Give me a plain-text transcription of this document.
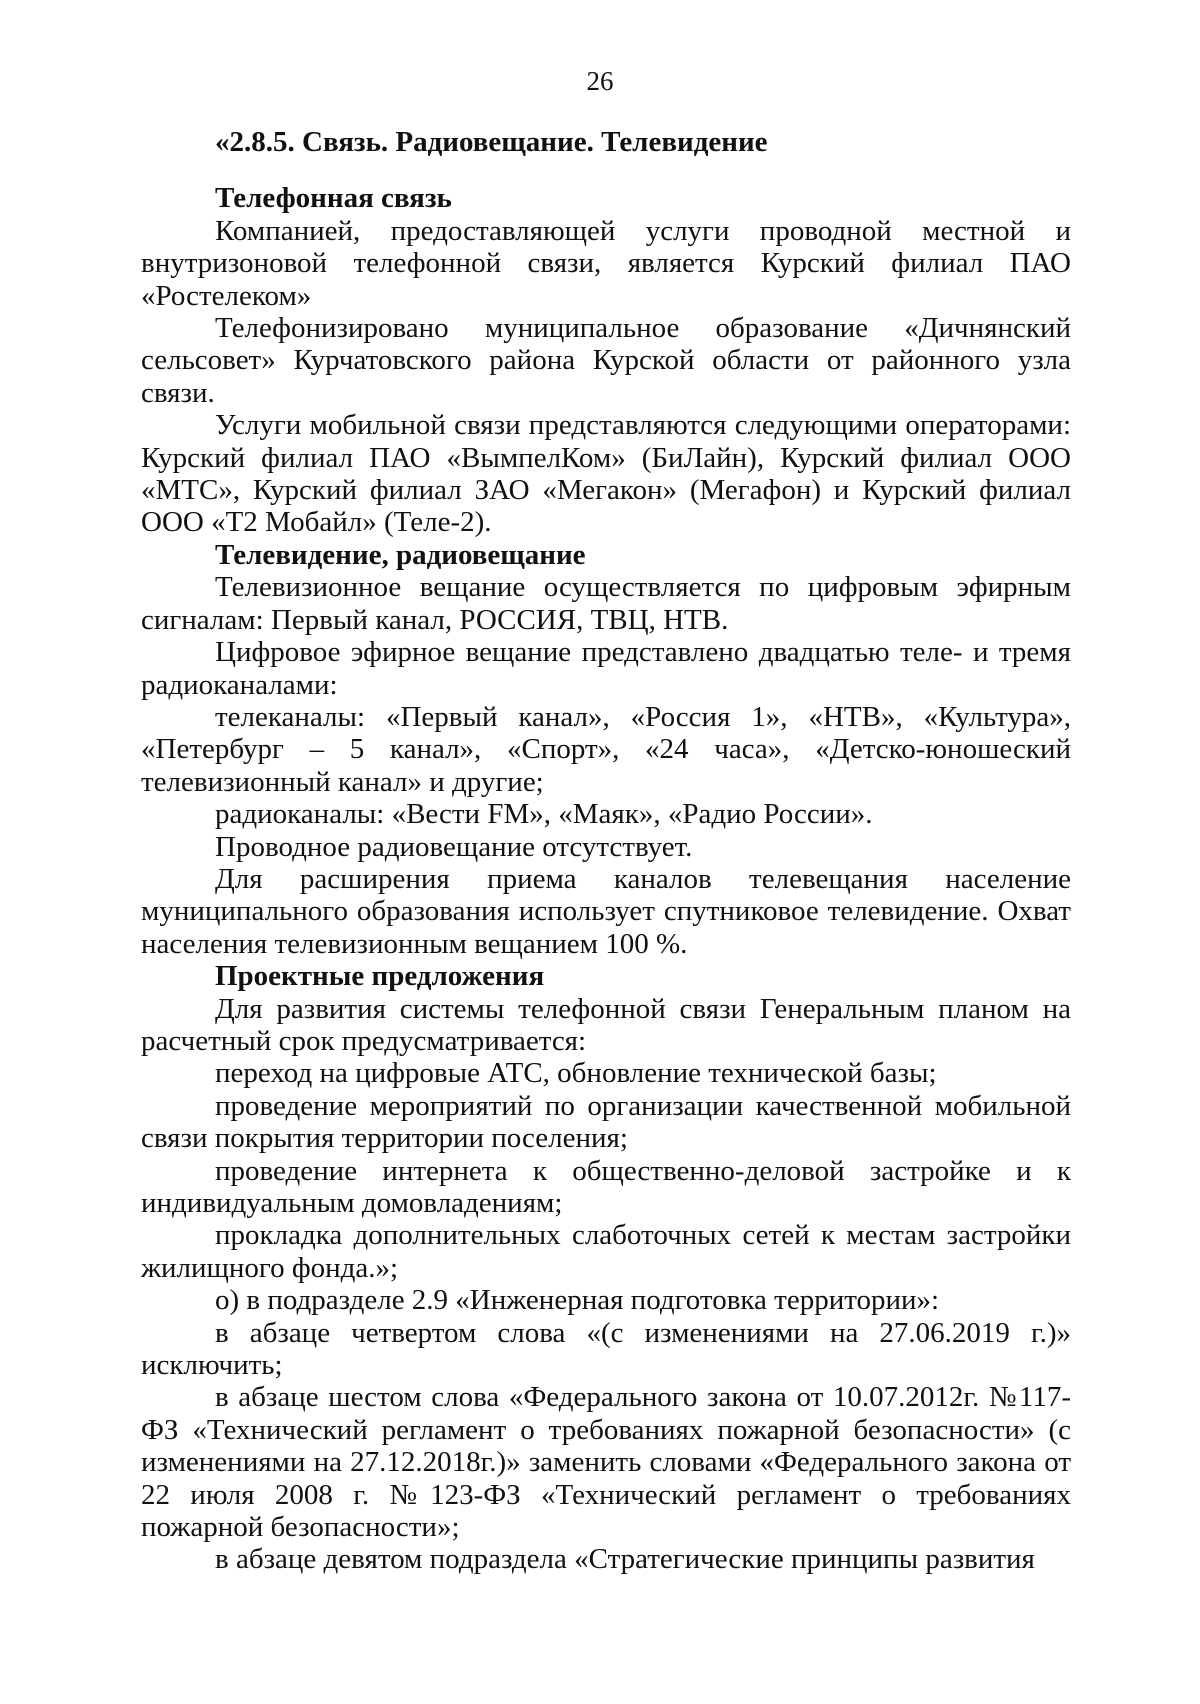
26

«2.8.5. Связь. Радиовещание. Телевидение

Телефонная связь

Компанией, предоставляющей услуги проводной местной и внутризоновой телефонной связи, является Курский филиал ПАО «Ростелеком»

Телефонизировано муниципальное образование «Дичнянский сельсовет» Курчатовского района Курской области от районного узла связи.

Услуги мобильной связи представляются следующими операторами: Курский филиал ПАО «ВымпелКом» (БиЛайн), Курский филиал ООО «МТС», Курский филиал ЗАО «Мегакон» (Мегафон) и Курский филиал ООО «Т2 Мобайл» (Теле-2).

Телевидение, радиовещание

Телевизионное вещание осуществляется по цифровым эфирным сигналам: Первый канал, РОССИЯ, ТВЦ, НТВ.

Цифровое эфирное вещание представлено двадцатью теле- и тремя радиоканалами:

телеканалы: «Первый канал», «Россия 1», «НТВ», «Культура», «Петербург – 5 канал», «Спорт», «24 часа», «Детско-юношеский телевизионный канал» и другие;

радиоканалы: «Вести FM», «Маяк», «Радио России».

Проводное радиовещание отсутствует.

Для расширения приема каналов телевещания население муниципального образования использует спутниковое телевидение. Охват населения телевизионным вещанием 100 %.

Проектные предложения

Для развития системы телефонной связи Генеральным планом на расчетный срок предусматривается:

переход на цифровые АТС, обновление технической базы;

проведение мероприятий по организации качественной мобильной связи покрытия территории поселения;

проведение интернета к общественно-деловой застройке и к индивидуальным домовладениям;

прокладка дополнительных слаботочных сетей к местам застройки жилищного фонда.»;

о) в подразделе 2.9 «Инженерная подготовка территории»:

в абзаце четвертом слова «(с изменениями на 27.06.2019 г.)» исключить;

в абзаце шестом слова «Федерального закона от 10.07.2012г. №117-ФЗ «Технический регламент о требованиях пожарной безопасности» (с изменениями на 27.12.2018г.)» заменить словами «Федерального закона от 22 июля 2008 г. №123-ФЗ «Технический регламент о требованиях пожарной безопасности»;

в абзаце девятом подраздела «Стратегические принципы развития
